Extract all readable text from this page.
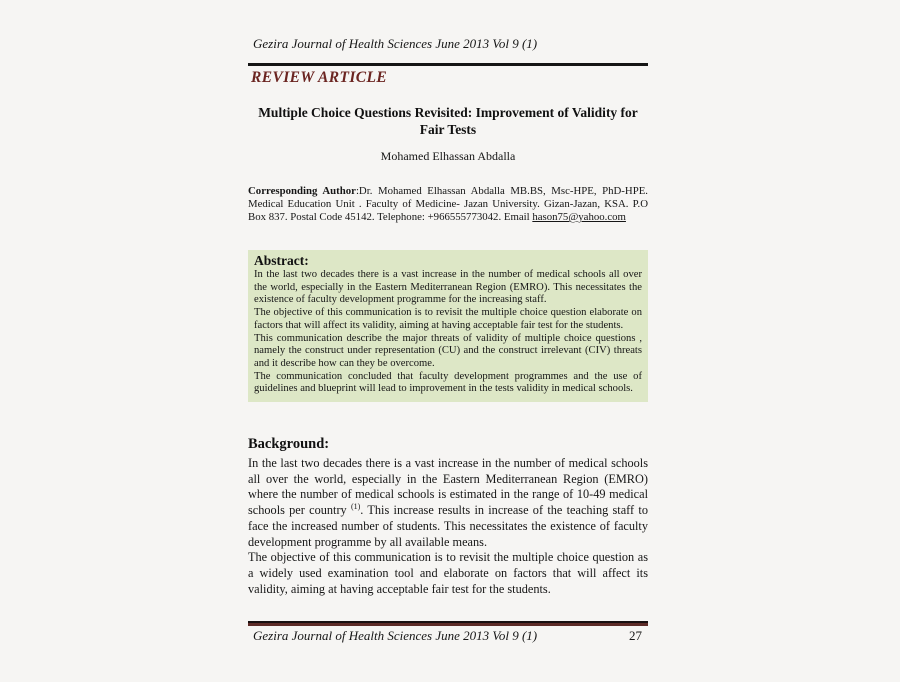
Gezira Journal of Health Sciences June 2013 Vol 9 (1)
REVIEW ARTICLE
Multiple Choice Questions Revisited: Improvement of Validity for Fair Tests
Mohamed Elhassan Abdalla
Corresponding Author:Dr. Mohamed Elhassan Abdalla MB.BS, Msc-HPE, PhD-HPE. Medical Education Unit . Faculty of Medicine- Jazan University. Gizan-Jazan, KSA. P.O Box 837. Postal Code 45142. Telephone: +966555773042. Email hason75@yahoo.com
Abstract:

In the last two decades there is a vast increase in the number of medical schools all over the world, especially in the Eastern Mediterranean Region (EMRO). This necessitates the existence of faculty development programme for the increasing staff.

The objective of this communication is to revisit the multiple choice question elaborate on factors that will affect its validity, aiming at having acceptable fair test for the students.

This communication describe the major threats of validity of multiple choice questions , namely the construct under representation (CU) and the construct irrelevant (CIV) threats and it describe how can they be overcome.

The communication concluded that faculty development programmes and the use of guidelines and blueprint will lead to improvement in the tests validity in medical schools.

Background:

In the last two decades there is a vast increase in the number of medical schools all over the world, especially in the Eastern Mediterranean Region (EMRO) where the number of medical schools is estimated in the range of 10-49 medical schools per country $^{(1)}$. This increase results in increase of the teaching staff to face the increased number of students. This necessitates the existence of faculty development programme by all available means.

The objective of this communication is to revisit the multiple choice question as a widely used examination tool and elaborate on factors that will affect its validity, aiming at having acceptable fair test for the students.

Gezira Journal of Health Sciences June 2013 Vol 9 (1)	27
